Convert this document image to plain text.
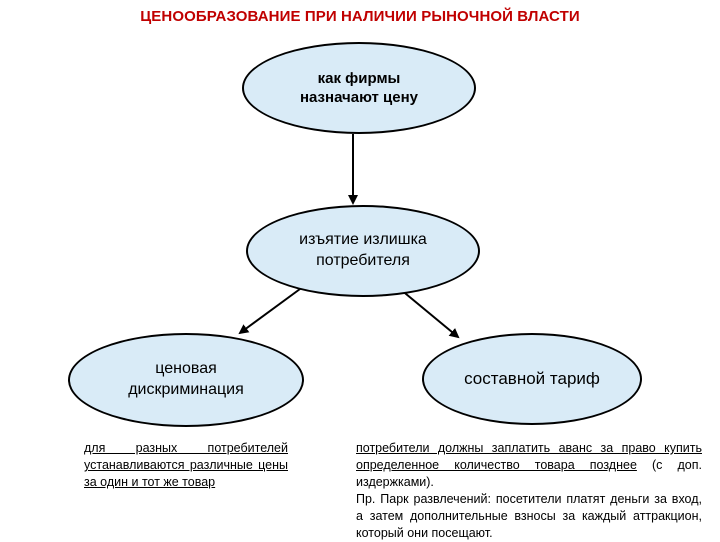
ЦЕНООБРАЗОВАНИЕ ПРИ НАЛИЧИИ РЫНОЧНОЙ ВЛАСТИ
как фирмы назначают цену
изъятие излишка потребителя
ценовая дискриминация
составной тариф
для разных потребителей устанавливаются различные цены за один и тот же товар
потребители должны заплатить аванс за право купить определенное количество товара позднее (с доп. издержками).
Пр. Парк развлечений: посетители платят деньги за вход, а затем дополнительные взносы за каждый аттракцион, который они посещают.
